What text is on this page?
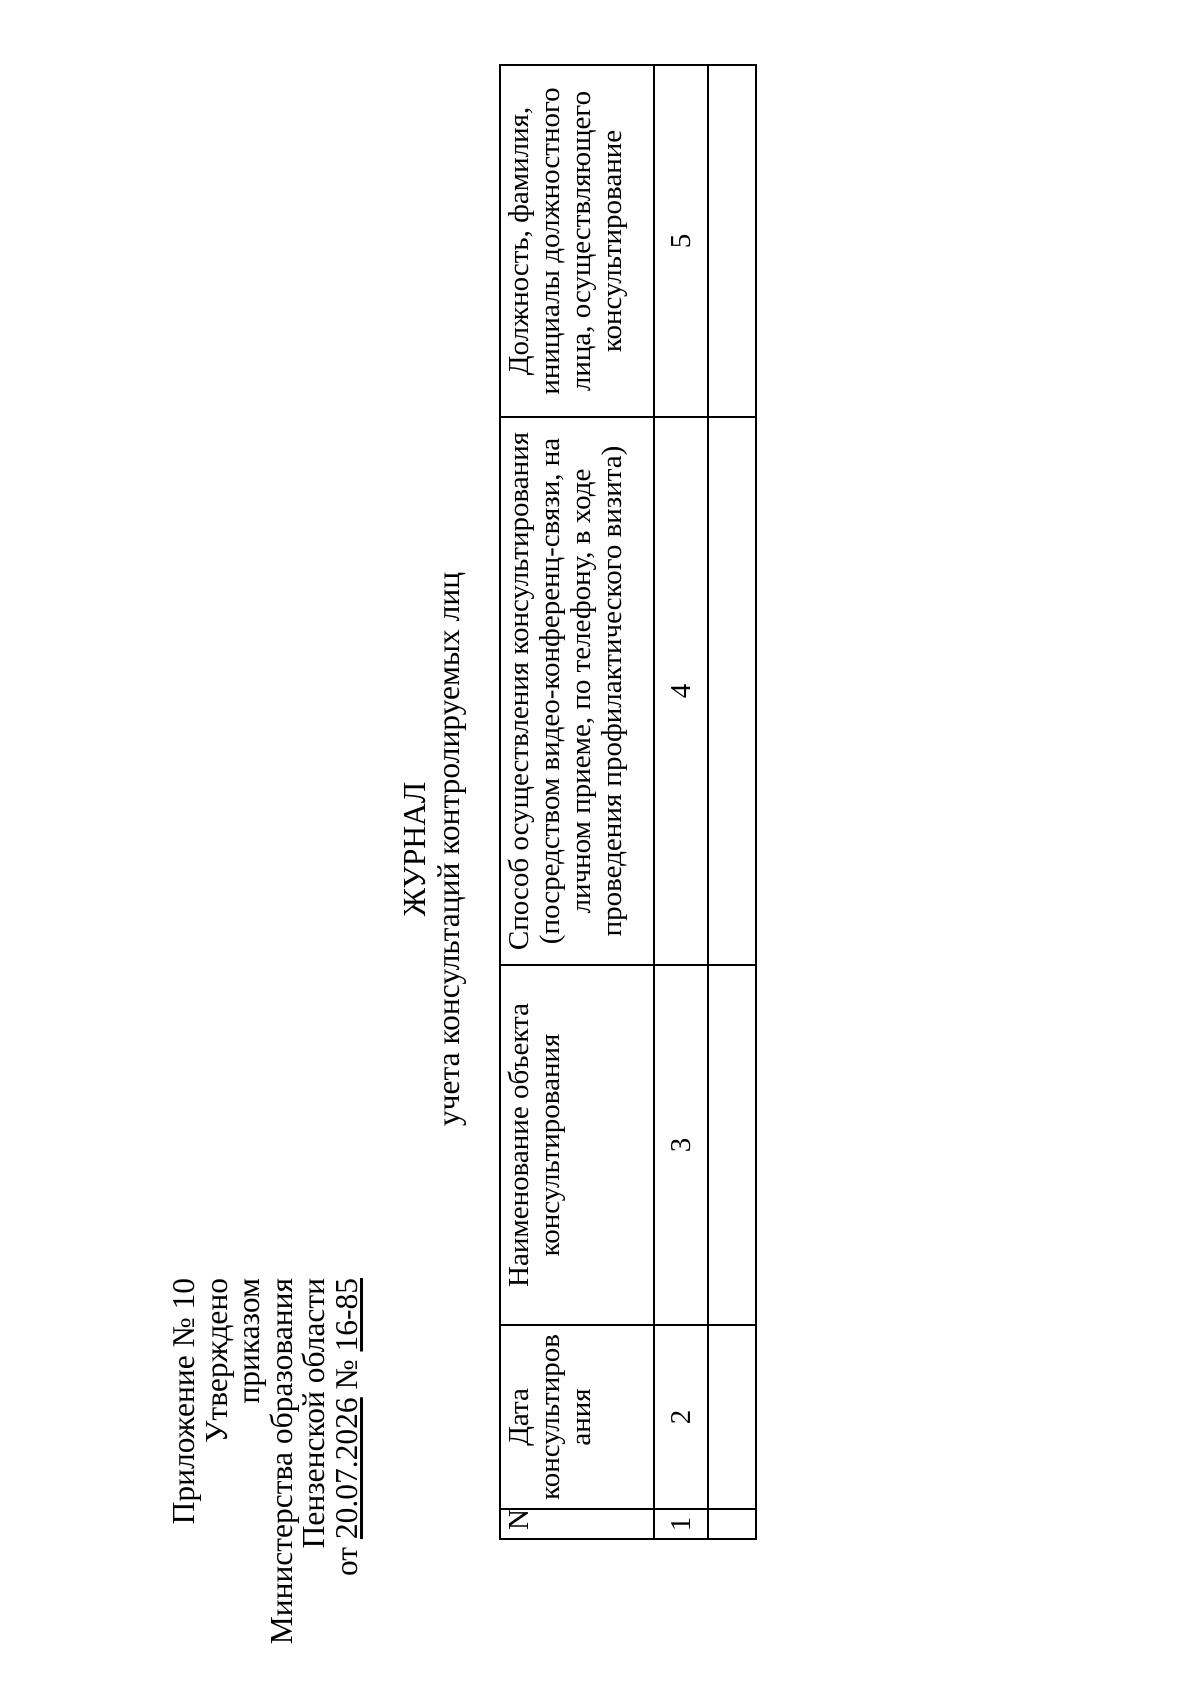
Приложение № 10
Утверждено
приказом
Министерства образования
Пензенской области
от 20.07.2026 № 16-85
ЖУРНАЛ учета консультаций контролируемых лиц
N	Дата консультиров ания	Наименование объекта консультирования	Способ осуществления консультирования (посредством видео-конференц-связи, на личном приеме, по телефону, в ходе проведения профилактического визита)	Должность, фамилия, инициалы должностного лица, осуществляющего консультирование
1	2	3	4	5
